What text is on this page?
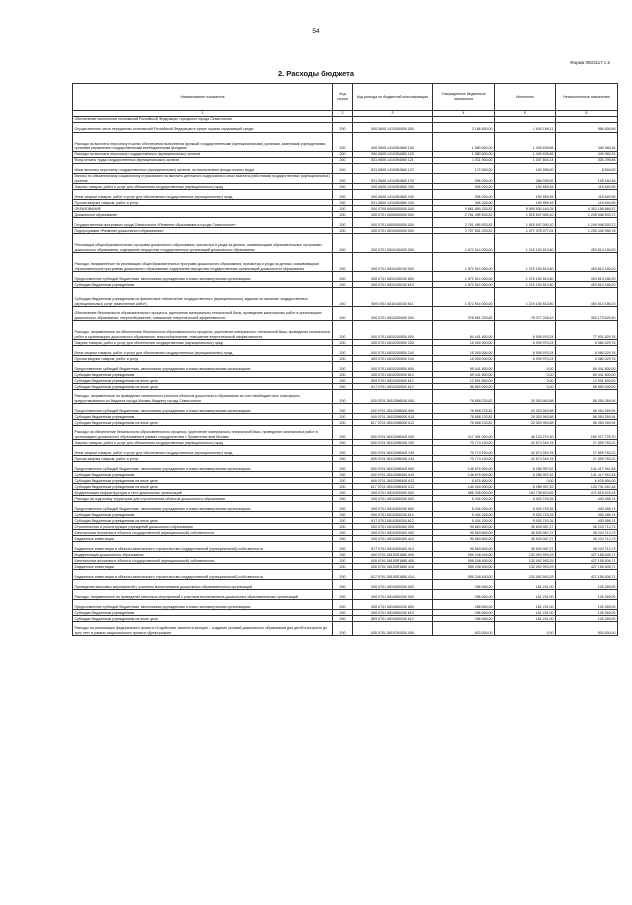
54
Форма 0503117 с.2
2. Расходы бюджета
Наименование показателя	Код строки	Код расхода по бюджетной классификации	Утвержденные бюджетные назначения	Исполнено	Неисполненные назначения
1	2	3	4	5	6
Обеспечение исполнения полномочий Российской Федерации, городского города Севастополя					
Осуществление части переданных полномочий Российской Федерации в сфере охраны окружающей среды	200	000 0605 1410300000 000	2 186 800,00	1 630 199,11	556 600,89
Расходы на выплаты персоналу в целях обеспечения выполнения функций государственными (муниципальными) органами, казенными учреждениями, органами управления государственными внебюджетными фондами	200	000 0605 1410354860 100	1 880 600,00	1 439 639,66	440 960,34
Расходы на выплаты персоналу государственных (муниципальных) органов	200	000 0605 1410354860 120	1 880 600,00	1 439 639,66	440 960,34
Фонд оплаты труда государственных (муниципальных) органов	200	831 0605 1410354860 121	1 311 900,00	1 007 604,14	304 295,86
Иные выплаты персоналу государственных (муниципальных) органов, за исключением фонда оплаты труда	200	831 0605 1410354860 122	172 500,00	163 996,00	8 504,00
Взносы по обязательному социальному страхованию на выплаты денежного содержания и иные выплаты работникам государственных (муниципальных) органов	200	831 0605 1410354860 129	396 200,00	268 039,52	128 160,48
Закупка товаров, работ и услуг для обеспечения государственных (муниципальных) нужд	200	000 0605 1410354860 200	306 200,00	190 559,45	115 640,55
Иные закупки товаров, работ и услуг для обеспечения государственных (муниципальных) нужд	200	000 0605 1410354860 240	306 200,00	190 559,45	115 640,55
Прочая закупка товаров, работ и услуг	200	831 0605 1410354860 244	306 200,00	190 559,45	115 640,55
ОБРАЗОВАНИЕ	200	000 0700 0000000000 000	9 861 659 333,82	5 559 530 449,25	4 302 158 884,57
Дошкольное образование	200	000 0701 0000000000 000	2 761 495 533,82	1 515 547 000,10	1 245 948 533,72
Государственная программа города Севастополя «Развитие образования в городе Севастополе»	200	000 0701 0800000000 000	2 761 495 533,82	1 515 547 000,10	1 245 948 533,72
Подпрограмма «Развитие дошкольного образования»	200	000 0701 0810000000 000	2 707 801 033,82	1 477 375 077,04	1 230 425 956,78
Реализация общеобразовательных программ дошкольного образования, присмотра и ухода за детьми, осваивающими образовательные программы дошкольного образования, содержание имущества государственных организаций дошкольного образования	200	000 0701 0810100000 000	1 672 914 000,00	1 219 100 813,80	453 813 186,20
Расходы, направленные на реализацию общеобразовательных программ дошкольного образования, присмотра и ухода за детьми, осваивающими образовательные программы дошкольного образования, содержание имущества государственных организаций дошкольного образования	200	000 0701 0810100100 000	1 672 914 000,00	1 219 100 813,80	453 813 186,20
Предоставление субсидий бюджетным, автономным учреждениям и иным некоммерческим организациям	200	000 0701 0810100100 600	1 672 914 000,00	1 219 100 813,80	453 813 186,20
Субсидии бюджетным учреждениям	200	000 0701 0810100100 610	1 672 914 000,00	1 219 100 813,80	453 813 186,20
Субсидии бюджетным учреждениям на финансовое обеспечение государственного (муниципального) задания на оказание государственных (муниципальных) услуг (выполнение работ)	200	809 0701 0810100100 611	1 672 914 000,00	1 219 100 813,80	453 813 186,20
Обеспечение безопасности образовательного процесса, укрепление материально-технической базы, проведение капитальных работ в организациях дошкольного образования, энергосбережение, повышение энергетической эффективности	200	000 0701 0810200000 000	378 551 033,82	75 377 208,42	303 173 825,40
Расходы, направленные на обеспечение безопасности образовательного процесса, укрепление материально-технической базы, проведение капитальных работ в организациях дошкольного образования, энергосбережение, повышение энергетической эффективности	200	000 0701 0810200500 000	84 441 800,00	6 939 970,24	77 501 829,76
Закупка товаров, работ и услуг для обеспечения государственных (муниципальных) нужд	200	000 0701 0810200500 200	15 000 000,00	6 939 970,24	8 060 029,76
Иные закупки товаров, работ и услуг для обеспечения государственных (муниципальных) нужд	200	000 0701 0810200500 240	15 000 000,00	6 939 970,24	8 060 029,76
Прочая закупка товаров, работ и услуг	200	809 0701 0810200500 244	15 000 000,00	6 939 970,24	8 060 029,76
Предоставление субсидий бюджетным, автономным учреждениям и иным некоммерческим организациям	200	000 0701 0810200500 600	69 441 800,00	0,00	69 441 800,00
Субсидии бюджетным учреждениям	200	000 0701 0810200500 610	69 441 800,00	0,00	69 441 800,00
Субсидии бюджетным учреждениям на иные цели	200	809 0701 0810200500 612	12 591 800,00	0,00	12 591 800,00
Субсидии бюджетным учреждениям на иные цели	200	817 0701 0810200500 612	56 850 000,00	0,00	56 850 000,00
Расходы, направленные на проведение капитального ремонта объектов дошкольного образования за счет межбюджетного трансферта, предоставляемого из бюджета города Москвы бюджету города Севастополя	200	000 0701 08102М6000 000	76 658 233,82	20 303 963,88	56 354 269,94
Предоставление субсидий бюджетным, автономным учреждениям и иным некоммерческим организациям	200	000 0701 08102М6000 600	76 658 233,82	20 303 963,88	56 354 269,94
Субсидии бюджетным учреждениям	200	000 0701 08102М6000 610	76 658 233,82	20 303 963,88	56 354 269,94
Субсидии бюджетным учреждениям на иные цели	200	817 0701 08102М6000 612	76 658 233,82	20 303 963,88	56 354 269,94
Расходы на обеспечение безопасности образовательного процесса, укрепление материально-технической базы, проведение капитальных работ в организациях дошкольного образования в рамках сотрудничества с Правительством Москвы	200	000 0701 08102М6400 000	217 451 000,00	48 133 274,30	169 317 725,70
Закупка товаров, работ и услуг для обеспечения государственных (муниципальных) нужд	200	000 0701 08102М6400 200	70 774 100,00	42 874 316,78	27 899 783,22
Иные закупки товаров, работ и услуг для обеспечения государственных (муниципальных) нужд	200	000 0701 08102М6400 240	70 774 100,00	42 874 316,78	27 899 783,22
Прочая закупка товаров, работ и услуг	200	809 0701 08102М6400 244	70 774 100,00	42 874 316,78	27 899 783,22
Предоставление субсидий бюджетным, автономным учреждениям и иным некоммерческим организациям	200	000 0701 08102М6400 600	146 676 900,00	5 258 957,52	141 417 942,48
Субсидии бюджетным учреждениям	200	000 0701 08102М6400 610	146 676 900,00	5 258 957,52	141 417 942,48
Субсидии бюджетным учреждениям на иные цели	200	809 0701 08102М6400 612	6 676 900,00	0,00	6 676 900,00
Субсидии бюджетным учреждениям на иные цели	200	817 0701 08102М6400 612	140 000 000,00	5 258 957,52	134 741 042,48
Модернизация инфраструктуры и сети дошкольных организаций	200	000 0701 0810300000 000	656 336 000,00	182 735 823,82	472 610 576,18
Расходы на подготовку территории для строительства объектов дошкольного образования	200	000 0701 0810300200 000	5 434 200,00	5 003 743,26	430 456,74
Предоставление субсидий бюджетным, автономным учреждениям и иным некоммерческим организациям	200	000 0701 0810300200 600	5 434 200,00	5 003 743,26	430 456,74
Субсидии бюджетным учреждениям	200	000 0701 0810300200 610	5 434 200,00	5 003 743,26	430 456,74
Субсидии бюджетным учреждениям на иные цели	200	817 0701 0810300200 612	5 434 200,00	5 003 743,26	430 456,74
Строительство и реконструкция учреждений дошкольного образования	200	000 0701 0810300400 000	90 863 800,00	45 639 087,27	45 224 712,73
Капитальные вложения в объекты государственной (муниципальной) собственности	200	000 0701 0810300400 400	90 863 800,00	45 639 087,27	45 224 712,73
Бюджетные инвестиции	200	000 0701 0810300400 410	90 863 800,00	45 639 087,27	45 224 712,73
Бюджетные инвестиции в объекты капитального строительства государственной (муниципальной) собственности	200	817 0701 0810300400 414	90 863 800,00	45 639 087,27	45 224 712,73
Модернизация дошкольного образования	200	000 0701 08103R1880 000	559 248 400,00	132 092 993,29	427 155 406,71
Капитальные вложения в объекты государственной (муниципальной) собственности	200	000 0701 08103R1880 400	559 248 400,00	132 092 993,29	427 155 406,71
Бюджетные инвестиции	200	000 0701 08103R1880 410	559 248 400,00	132 092 993,29	427 155 406,71
Бюджетные инвестиции в объекты капитального строительства государственной (муниципальной) собственности	200	817 0701 08103R1880 414	559 248 400,00	132 092 993,29	427 155 406,71
Проведение массовых мероприятий с участием воспитанников дошкольных образовательных организаций	200	000 0701 0810600000 000	286 600,00	161 231,00	125 369,00
Расходы, направленные на проведение массовых мероприятий с участием воспитанников дошкольных образовательных организаций	200	000 0701 0810600200 000	286 600,00	161 231,00	125 369,00
Предоставление субсидий бюджетным, автономным учреждениям и иным некоммерческим организациям	200	000 0701 0810600200 600	286 600,00	161 231,00	125 369,00
Субсидии бюджетным учреждениям	200	000 0701 0810600200 610	286 600,00	161 231,00	125 369,00
Субсидии бюджетным учреждениям на иные цели	200	809 0701 0810600200 612	286 600,00	161 231,00	125 369,00
Расходы на реализацию федерального проекта «Содействие занятости женщин – создание условий дошкольного образования для детей в возрасте до трех лет» в рамках национального проекта «Демография»	200	000 0701 081P200000 000	503 000,00	0,00	503 000,00
